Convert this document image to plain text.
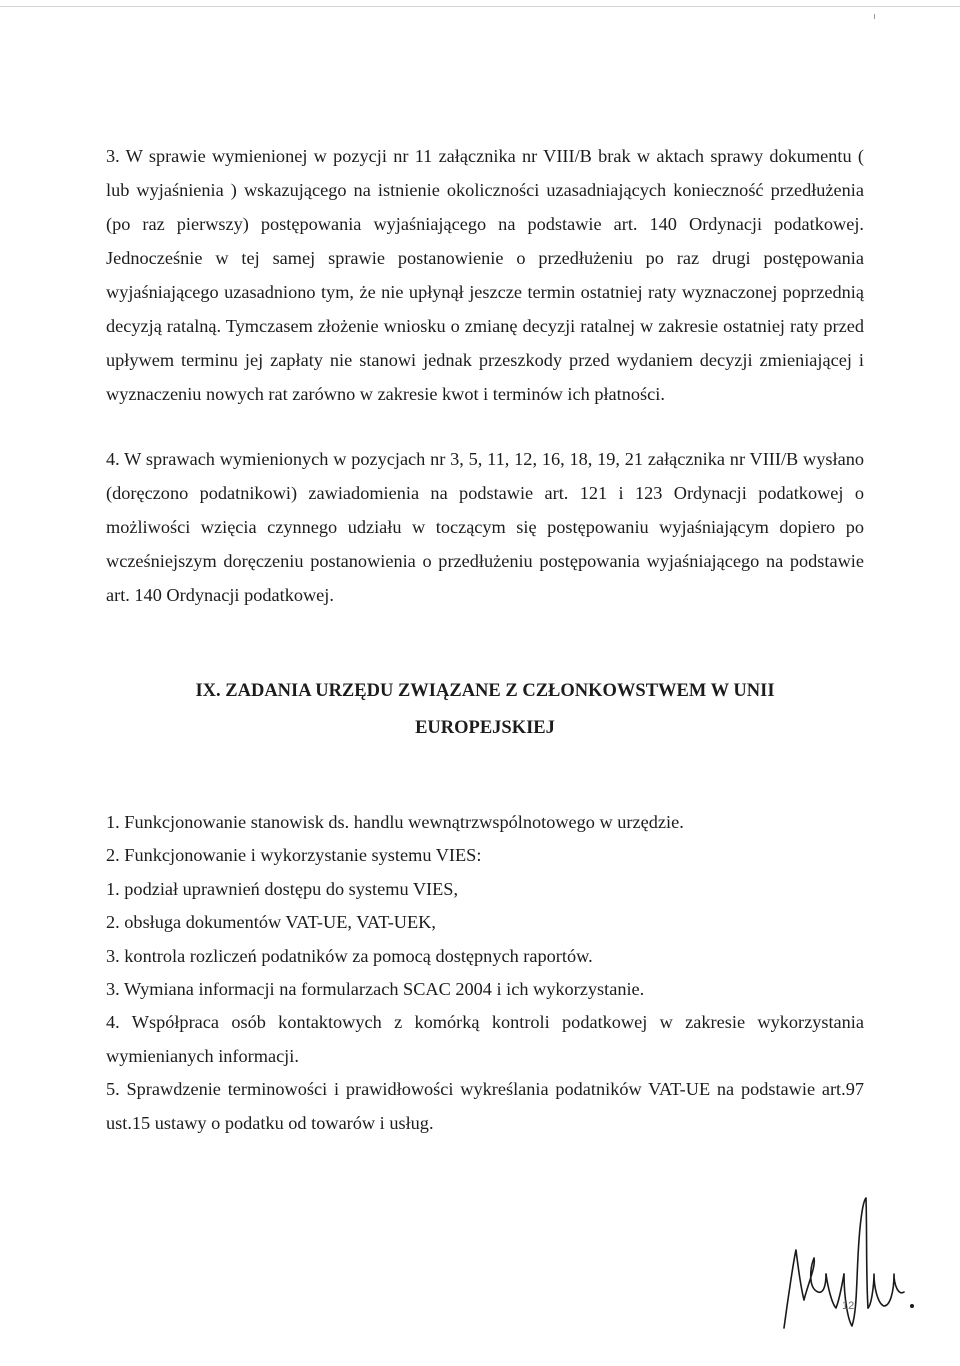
3. W sprawie wymienionej w pozycji nr 11 załącznika nr VIII/B brak w aktach sprawy dokumentu ( lub wyjaśnienia ) wskazującego na istnienie okoliczności uzasadniających konieczność przedłużenia (po raz pierwszy) postępowania wyjaśniającego na podstawie art. 140 Ordynacji podatkowej. Jednocześnie w tej samej sprawie postanowienie o przedłużeniu po raz drugi postępowania wyjaśniającego uzasadniono tym, że nie upłynął jeszcze termin ostatniej raty wyznaczonej poprzednią decyzją ratalną. Tymczasem złożenie wniosku o zmianę decyzji ratalnej w zakresie ostatniej raty przed upływem terminu jej zapłaty nie stanowi jednak przeszkody przed wydaniem decyzji zmieniającej i wyznaczeniu nowych rat zarówno w zakresie kwot i terminów ich płatności.

4. W sprawach wymienionych w pozycjach nr 3, 5, 11, 12, 16, 18, 19, 21 załącznika nr VIII/B wysłano (doręczono podatnikowi) zawiadomienia na podstawie art. 121 i 123 Ordynacji podatkowej o możliwości wzięcia czynnego udziału w toczącym się postępowaniu wyjaśniającym dopiero po wcześniejszym doręczeniu postanowienia o przedłużeniu postępowania wyjaśniającego na podstawie art. 140 Ordynacji podatkowej.

IX. ZADANIA URZĘDU ZWIĄZANE Z CZŁONKOWSTWEM W UNII
EUROPEJSKIEJ
1. Funkcjonowanie stanowisk ds. handlu wewnątrzwspólnotowego w urzędzie.
2. Funkcjonowanie i wykorzystanie systemu VIES:
1. podział uprawnień dostępu do systemu VIES,
2. obsługa dokumentów VAT-UE, VAT-UEK,
3. kontrola rozliczeń podatników za pomocą dostępnych raportów.
3. Wymiana informacji na formularzach SCAC 2004 i ich wykorzystanie.
4. Współpraca osób kontaktowych z komórką kontroli podatkowej w zakresie wykorzystania wymienianych informacji.
5. Sprawdzenie terminowości i prawidłowości wykreślania podatników VAT-UE na podstawie art.97 ust.15 ustawy o podatku od towarów i usług.
12
